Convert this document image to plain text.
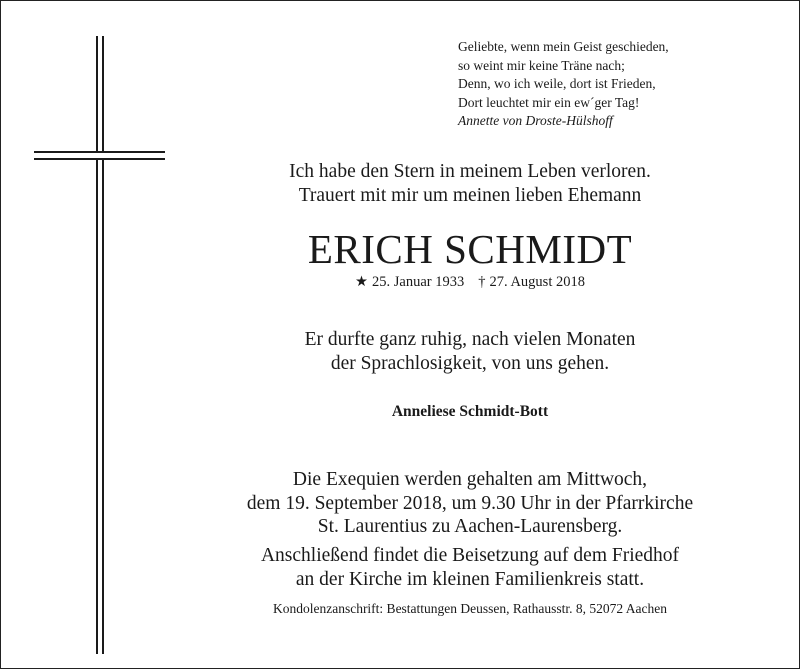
Geliebte, wenn mein Geist geschieden,
so weint mir keine Träne nach;
Denn, wo ich weile, dort ist Frieden,
Dort leuchtet mir ein ew´ger Tag!
Annette von Droste-Hülshoff
Ich habe den Stern in meinem Leben verloren.
Trauert mit mir um meinen lieben Ehemann
ERICH SCHMIDT
★ 25. Januar 1933 † 27. August 2018
Er durfte ganz ruhig, nach vielen Monaten
der Sprachlosigkeit, von uns gehen.
Anneliese Schmidt-Bott
Die Exequien werden gehalten am Mittwoch,
dem 19. September 2018, um 9.30 Uhr in der Pfarrkirche
St. Laurentius zu Aachen-Laurensberg.
Anschließend findet die Beisetzung auf dem Friedhof
an der Kirche im kleinen Familienkreis statt.
Kondolenzanschrift: Bestattungen Deussen, Rathausstr. 8, 52072 Aachen
